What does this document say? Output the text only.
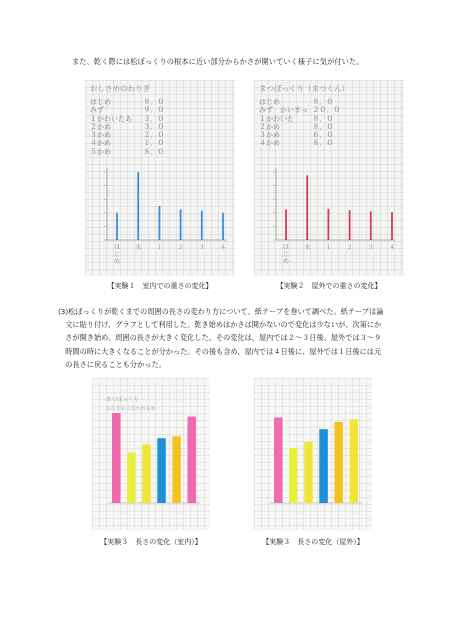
また、乾く際には松ぼっくりの根本に近い部分からかさが開いていく様子に気が付いた。
おしさめのわりぎ
はじめ　　　　 ８．０
みず　　　　　 ９．０
１かわいたあ　 ３．０
２かめ　　　　 ３．０
３かめ　　　　 ２．０
４かめ　　　　 １．０
５かめ　　　　 ８．０
は
じ
め
水	１	２	３	４
【実験１　室内での重さの変化】
まつぼっくり（まつくん）
はじめ　　　　 ８．０
みず　かいまっ ２０．０
１かわいた　　 ８．０
２かめ　　　　 ８．０
３かめ　　　　 ６．０
４かめ　　　　 ８．０
は
じ
め
水	１	２	３	４
【実験２　屋外での重さの変化】
(3)松ぼっくりが乾くまでの周囲の長さの変わり方について、紙テープを巻いて調べた。紙テープは論
　文に貼り付け、グラフとして利用した。乾き始めはかさは開かないので変化は少ないが、次第にか
　さが開き始め、周囲の長さが大きく変化した。その変化は、屋内では２～３日後、屋外では３～９
　時間の時に大きくなることが分かった。その後も含め、屋内では４日後に、屋外では１日後には元
　の長さに戻ることも分かった。
まつぼっくり
なにをおこなわれるか
【実験３　長さの変化（室内）】	【実験３　長さの変化（屋外）】
